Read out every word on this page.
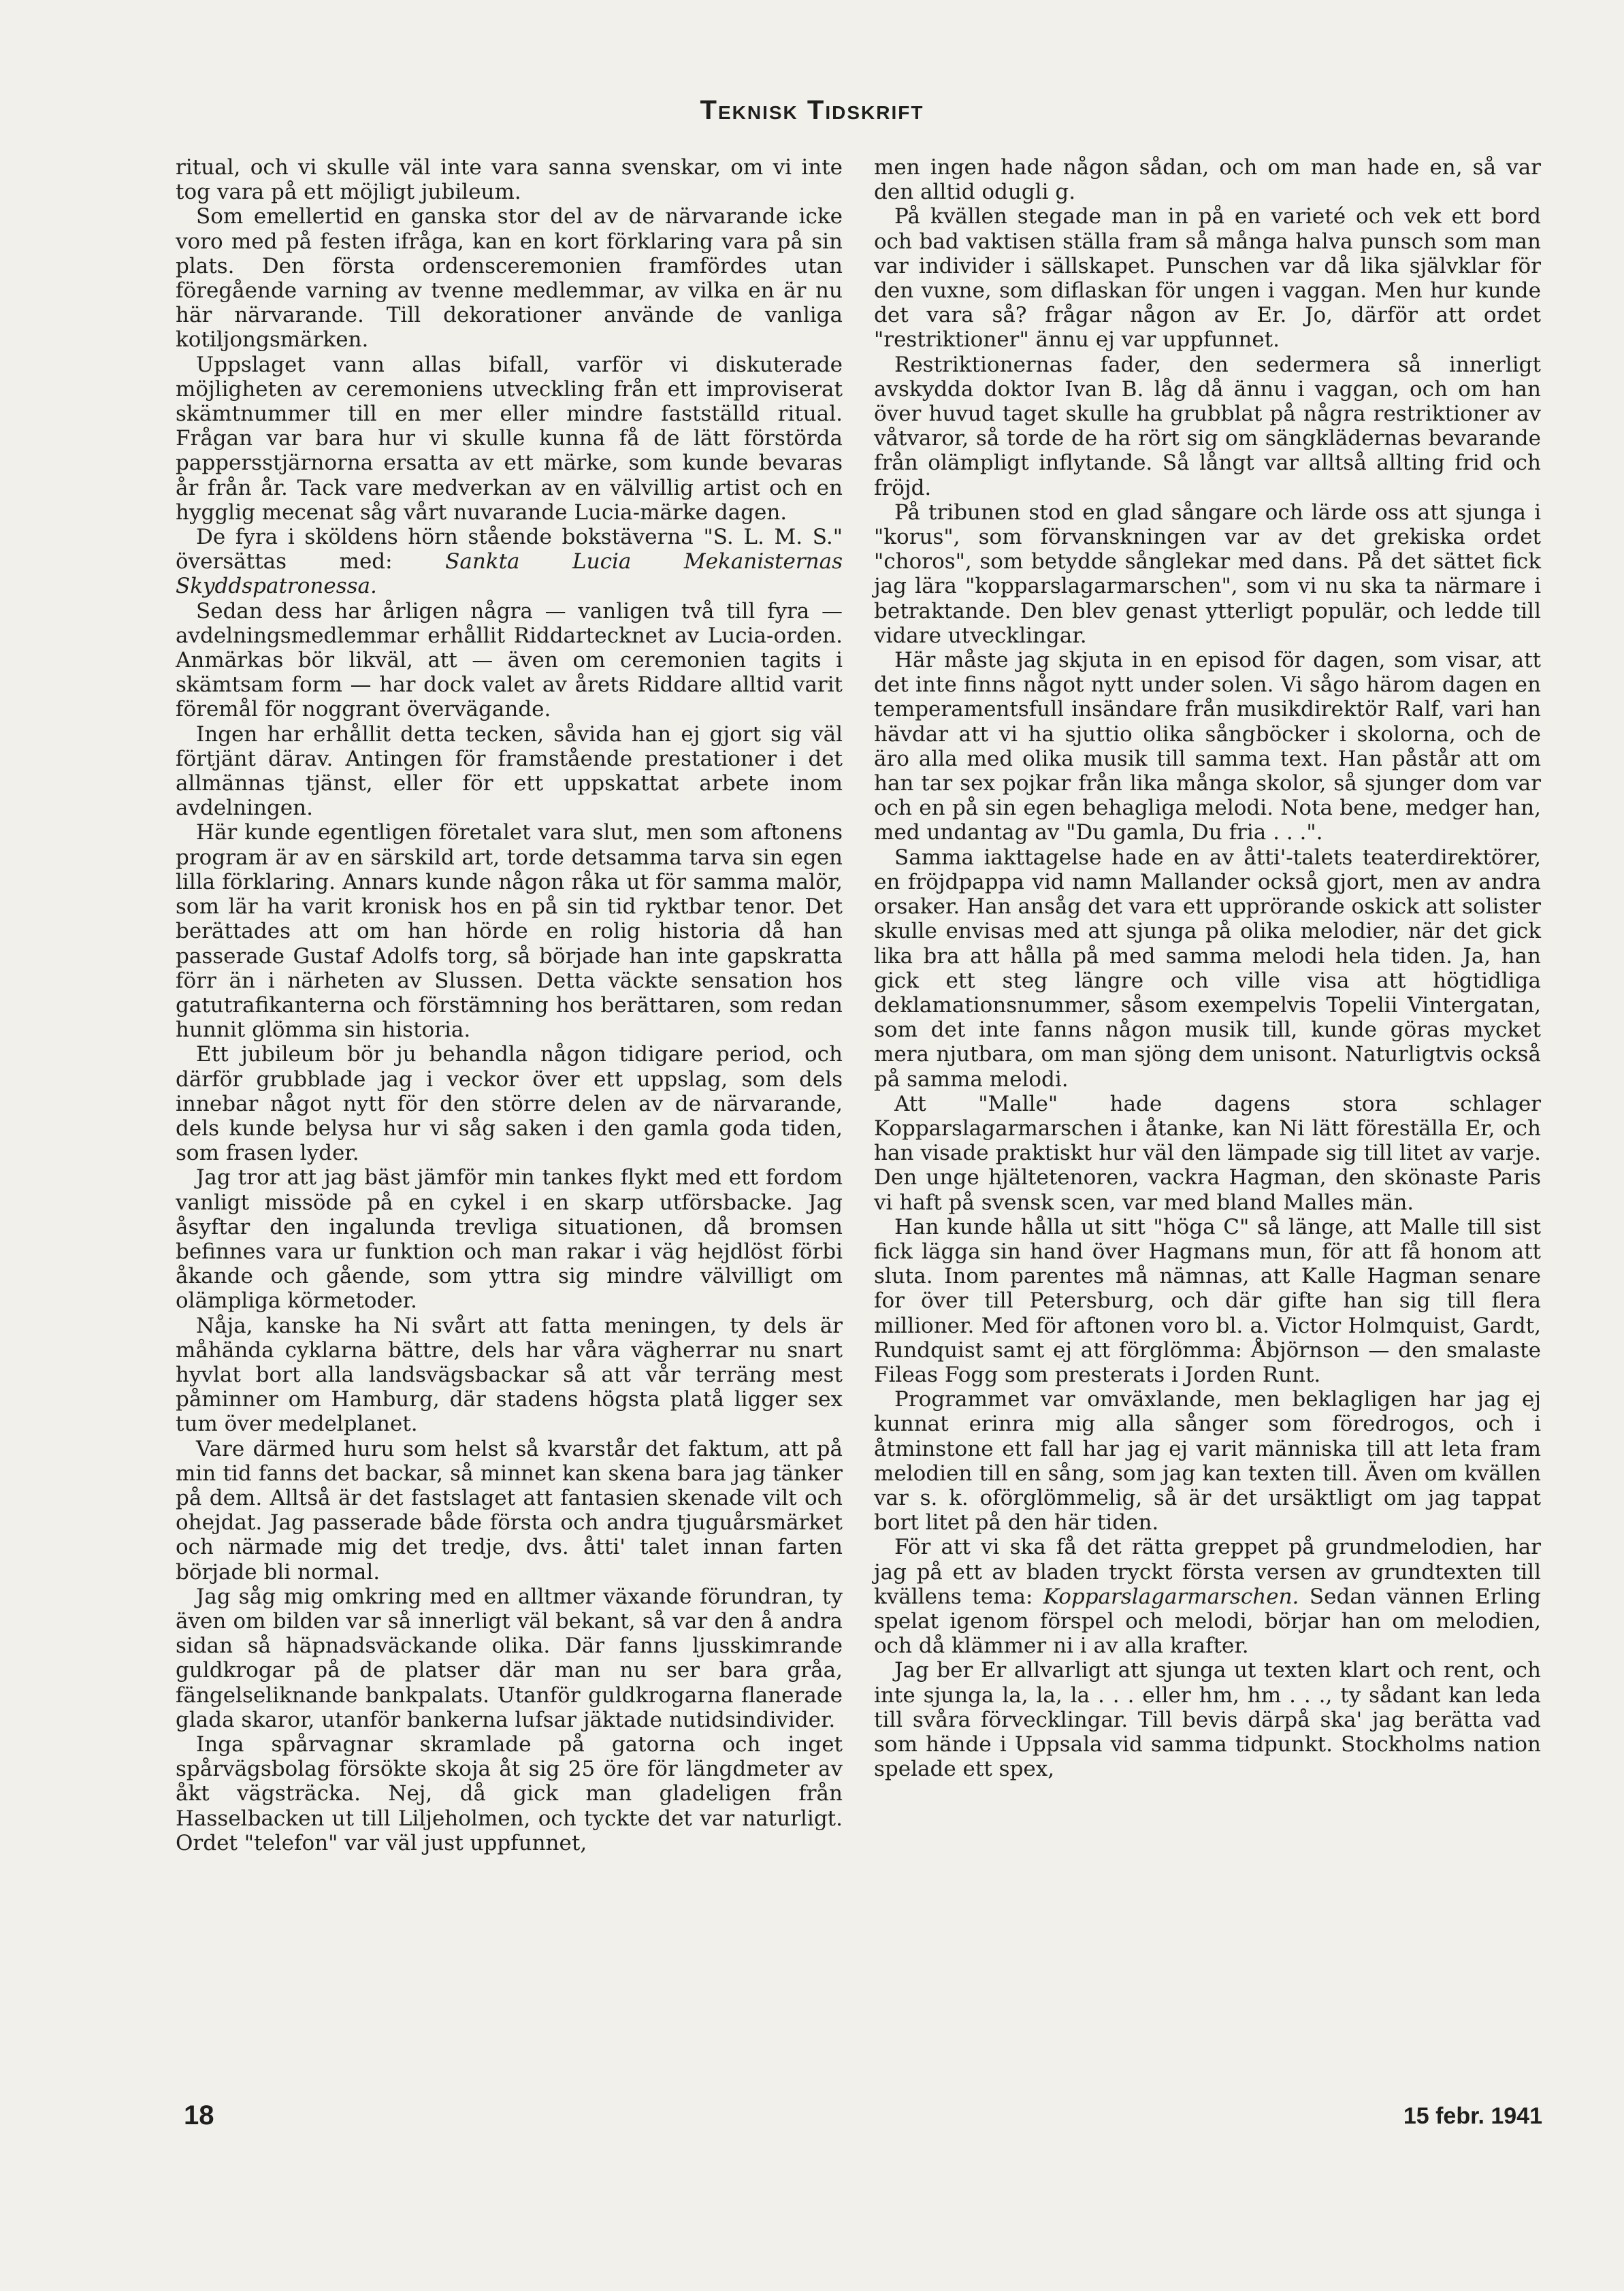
Teknisk Tidskrift

ritual, och vi skulle väl inte vara sanna svenskar, om vi inte tog vara på ett möjligt jubileum.

Som emellertid en ganska stor del av de närvarande icke voro med på festen ifråga, kan en kort förklaring vara på sin plats. Den första ordensceremonien framfördes utan föregående varning av tvenne medlemmar, av vilka en är nu här närvarande. Till dekorationer använde de vanliga kotiljongsmärken.

Uppslaget vann allas bifall, varför vi diskuterade möjligheten av ceremoniens utveckling från ett improviserat skämtnummer till en mer eller mindre fastställd ritual. Frågan var bara hur vi skulle kunna få de lätt förstörda pappersstjärnorna ersatta av ett märke, som kunde bevaras år från år. Tack vare medverkan av en välvillig artist och en hygglig mecenat såg vårt nuvarande Lucia-märke dagen.

De fyra i sköldens hörn stående bokstäverna "S. L. M. S." översättas med: Sankta Lucia Mekanisternas Skyddspatronessa.

Sedan dess har årligen några — vanligen två till fyra — avdelningsmedlemmar erhållit Riddartecknet av Lucia-orden. Anmärkas bör likväl, att — även om ceremonien tagits i skämtsam form — har dock valet av årets Riddare alltid varit föremål för noggrant övervägande.

Ingen har erhållit detta tecken, såvida han ej gjort sig väl förtjänt därav. Antingen för framstående prestationer i det allmännas tjänst, eller för ett uppskattat arbete inom avdelningen.

Här kunde egentligen företalet vara slut, men som aftonens program är av en särskild art, torde detsamma tarva sin egen lilla förklaring. Annars kunde någon råka ut för samma malör, som lär ha varit kronisk hos en på sin tid ryktbar tenor. Det berättades att om han hörde en rolig historia då han passerade Gustaf Adolfs torg, så började han inte gapskratta förr än i närheten av Slussen. Detta väckte sensation hos gatutrafikanterna och förstämning hos berättaren, som redan hunnit glömma sin historia.

Ett jubileum bör ju behandla någon tidigare period, och därför grubblade jag i veckor över ett uppslag, som dels innebar något nytt för den större delen av de närvarande, dels kunde belysa hur vi såg saken i den gamla goda tiden, som frasen lyder.

Jag tror att jag bäst jämför min tankes flykt med ett fordom vanligt missöde på en cykel i en skarp utförsbacke. Jag åsyftar den ingalunda trevliga situationen, då bromsen befinnes vara ur funktion och man rakar i väg hejdlöst förbi åkande och gående, som yttra sig mindre välvilligt om olämpliga körmetoder.

Nåja, kanske ha Ni svårt att fatta meningen, ty dels är måhända cyklarna bättre, dels har våra vägherrar nu snart hyvlat bort alla landsvägsbackar så att vår terräng mest påminner om Hamburg, där stadens högsta platå ligger sex tum över medelplanet.

Vare därmed huru som helst så kvarstår det faktum, att på min tid fanns det backar, så minnet kan skena bara jag tänker på dem. Alltså är det fastslaget att fantasien skenade vilt och ohejdat. Jag passerade både första och andra tjuguårsmärket och närmade mig det tredje, dvs. åtti' talet innan farten började bli normal.

Jag såg mig omkring med en alltmer växande förundran, ty även om bilden var så innerligt väl bekant, så var den å andra sidan så häpnadsväckande olika. Där fanns ljusskimrande guldkrogar på de platser där man nu ser bara gråa, fängelseliknande bankpalats. Utanför guldkrogarna flanerade glada skaror, utanför bankerna lufsar jäktade nutidsindivider.

Inga spårvagnar skramlade på gatorna och inget spårvägsbolag försökte skoja åt sig 25 öre för längdmeter av åkt vägsträcka. Nej, då gick man gladeligen från Hasselbacken ut till Liljeholmen, och tyckte det var naturligt. Ordet "telefon" var väl just uppfunnet,

men ingen hade någon sådan, och om man hade en, så var den alltid odugli g.

På kvällen stegade man in på en varieté och vek ett bord och bad vaktisen ställa fram så många halva punsch som man var individer i sällskapet. Punschen var då lika självklar för den vuxne, som diflaskan för ungen i vaggan. Men hur kunde det vara så? frågar någon av Er. Jo, därför att ordet "restriktioner" ännu ej var uppfunnet.

Restriktionernas fader, den sedermera så innerligt avskydda doktor Ivan B. låg då ännu i vaggan, och om han över huvud taget skulle ha grubblat på några restriktioner av våtvaror, så torde de ha rört sig om sängklädernas bevarande från olämpligt inflytande. Så långt var alltså allting frid och fröjd.

På tribunen stod en glad sångare och lärde oss att sjunga i "korus", som förvanskningen var av det grekiska ordet "choros", som betydde sånglekar med dans. På det sättet fick jag lära "kopparslagarmarschen", som vi nu ska ta närmare i betraktande. Den blev genast ytterligt populär, och ledde till vidare utvecklingar.

Här måste jag skjuta in en episod för dagen, som visar, att det inte finns något nytt under solen. Vi sågo härom dagen en temperamentsfull insändare från musikdirektör Ralf, vari han hävdar att vi ha sjuttio olika sångböcker i skolorna, och de äro alla med olika musik till samma text. Han påstår att om han tar sex pojkar från lika många skolor, så sjunger dom var och en på sin egen behagliga melodi. Nota bene, medger han, med undantag av "Du gamla, Du fria . . .".

Samma iakttagelse hade en av åtti'-talets teaterdirektörer, en fröjdpappa vid namn Mallander också gjort, men av andra orsaker. Han ansåg det vara ett upprörande oskick att solister skulle envisas med att sjunga på olika melodier, när det gick lika bra att hålla på med samma melodi hela tiden. Ja, han gick ett steg längre och ville visa att högtidliga deklamationsnummer, såsom exempelvis Topelii Vintergatan, som det inte fanns någon musik till, kunde göras mycket mera njutbara, om man sjöng dem unisont. Naturligtvis också på samma melodi.

Att "Malle" hade dagens stora schlager Kopparslagarmarschen i åtanke, kan Ni lätt föreställa Er, och han visade praktiskt hur väl den lämpade sig till litet av varje. Den unge hjältetenoren, vackra Hagman, den skönaste Paris vi haft på svensk scen, var med bland Malles män.

Han kunde hålla ut sitt "höga C" så länge, att Malle till sist fick lägga sin hand över Hagmans mun, för att få honom att sluta. Inom parentes må nämnas, att Kalle Hagman senare for över till Petersburg, och där gifte han sig till flera millioner. Med för aftonen voro bl. a. Victor Holmquist, Gardt, Rundquist samt ej att förglömma: Åbjörnson — den smalaste Fileas Fogg som presterats i Jorden Runt.

Programmet var omväxlande, men beklagligen har jag ej kunnat erinra mig alla sånger som föredrogos, och i åtminstone ett fall har jag ej varit människa till att leta fram melodien till en sång, som jag kan texten till. Även om kvällen var s. k. oförglömmelig, så är det ursäktligt om jag tappat bort litet på den här tiden.

För att vi ska få det rätta greppet på grundmelodien, har jag på ett av bladen tryckt första versen av grundtexten till kvällens tema: Kopparslagarmarschen. Sedan vännen Erling spelat igenom förspel och melodi, börjar han om melodien, och då klämmer ni i av alla krafter.

Jag ber Er allvarligt att sjunga ut texten klart och rent, och inte sjunga la, la, la . . . eller hm, hm . . ., ty sådant kan leda till svåra förvecklingar. Till bevis därpå ska' jag berätta vad som hände i Uppsala vid samma tidpunkt. Stockholms nation spelade ett spex,

18	15 febr. 1941
